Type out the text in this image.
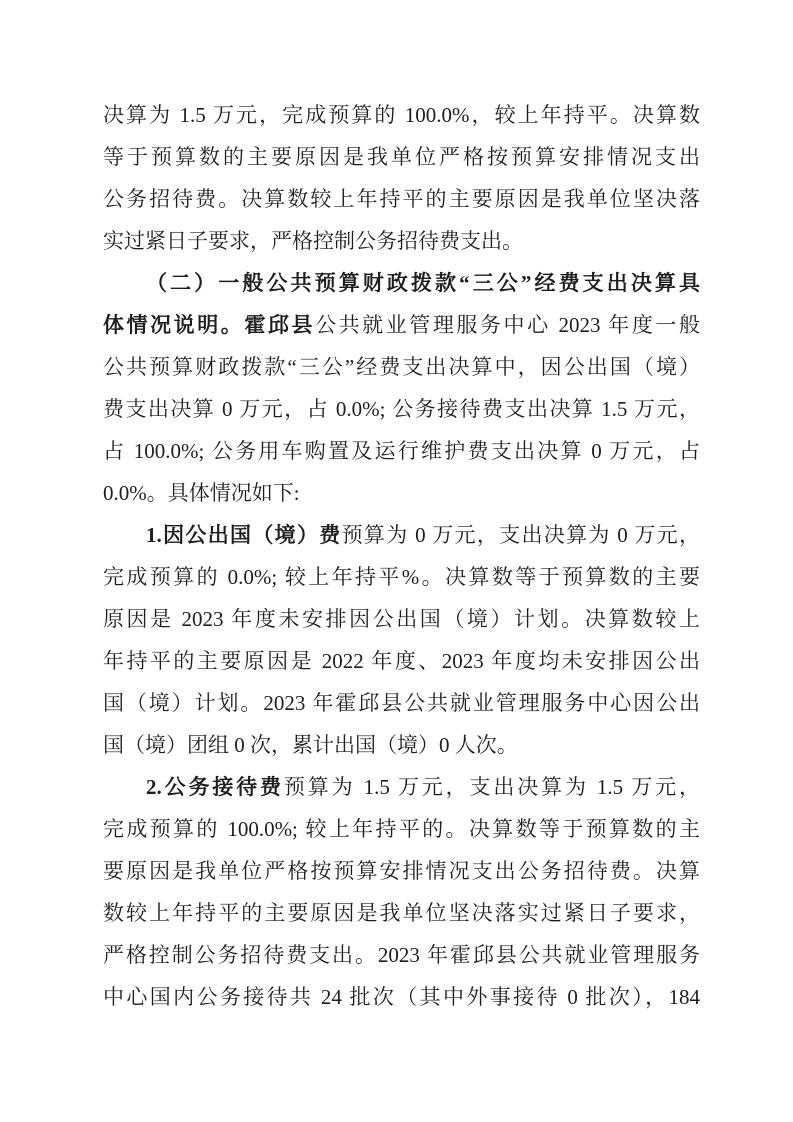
决算为 1.5 万元，完成预算的 100.0%，较上年持平。决算数
等于预算数的主要原因是我单位严格按预算安排情况支出
公务招待费。决算数较上年持平的主要原因是我单位坚决落
实过紧日子要求，严格控制公务招待费支出。
（二）一般公共预算财政拨款“三公”经费支出决算具
体情况说明。霍邱县公共就业管理服务中心 2023 年度一般
公共预算财政拨款“三公”经费支出决算中，因公出国（境）
费支出决算 0 万元，占 0.0%; 公务接待费支出决算 1.5 万元，
占 100.0%; 公务用车购置及运行维护费支出决算 0 万元，占
0.0%。具体情况如下:
1.因公出国（境）费预算为 0 万元，支出决算为 0 万元，
完成预算的 0.0%; 较上年持平%。决算数等于预算数的主要
原因是 2023 年度未安排因公出国（境）计划。决算数较上
年持平的主要原因是 2022 年度、2023 年度均未安排因公出
国（境）计划。2023 年霍邱县公共就业管理服务中心因公出
国（境）团组 0 次，累计出国（境）0 人次。
2.公务接待费预算为 1.5 万元，支出决算为 1.5 万元，
完成预算的 100.0%; 较上年持平的。决算数等于预算数的主
要原因是我单位严格按预算安排情况支出公务招待费。决算
数较上年持平的主要原因是我单位坚决落实过紧日子要求，
严格控制公务招待费支出。2023 年霍邱县公共就业管理服务
中心国内公务接待共 24 批次（其中外事接待 0 批次），184
